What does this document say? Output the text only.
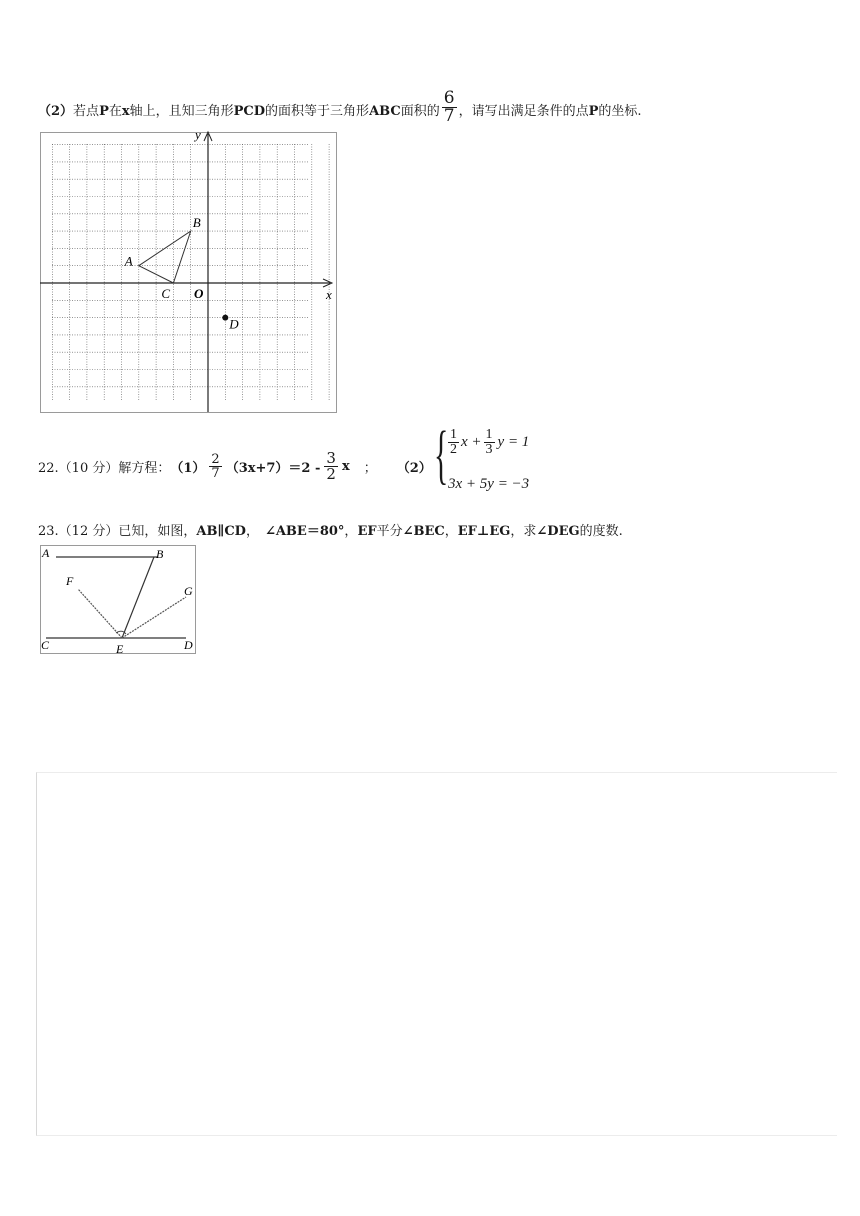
（2）若点P在x轴上，且知三角形PCD的面积等于三角形ABC面积的 $\frac{6}{7}$ ，请写出满足条件的点P的坐标.
y
x
A
B
C O
D
22.（10 分）解方程： $(1) \frac{2}{7} (3x+7)=2 - \frac{3}{2}$ x ； （2） { $\frac{1}{2}$ $x + \frac{1}{3}$ y = 1
3x + 5y = −3
23.（12 分）已知，如图，AB∥CD， ∠ABE＝80°，EF平分∠BEC，EF⊥EG，求∠DEG的度数.
A	B
F
G
C	E	D
